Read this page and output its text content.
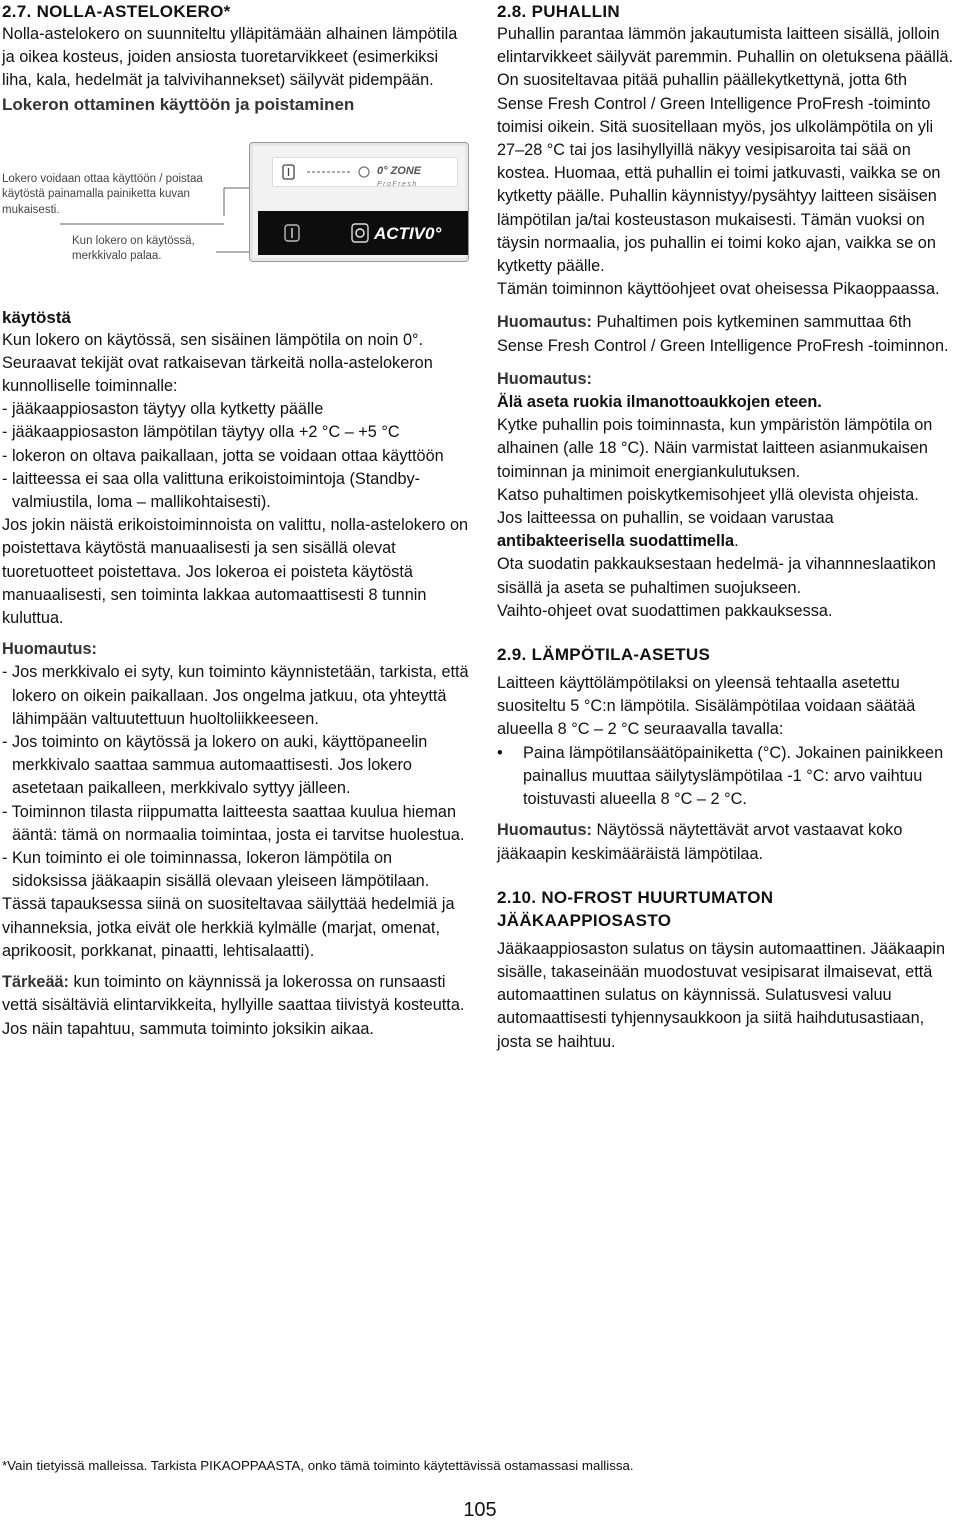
2.7. NOLLA-ASTELOKERO*

Nolla-astelokero on suunniteltu ylläpitämään alhainen lämpötila ja oikea kosteus, joiden ansiosta tuoretarvikkeet (esimerkiksi liha, kala, hedelmät ja talvivihannekset) säilyvät pidempään.

Lokeron ottaminen käyttöön ja poistaminen
Lokero voidaan ottaa käyttöön / poistaa käytöstä painamalla painiketta kuvan mukaisesti.
Kun lokero on käytössä, merkkivalo palaa.
0° ZONE
ProFresh
ACTIV0°
käytöstä

Kun lokero on käytössä, sen sisäinen lämpötila on noin 0°. Seuraavat tekijät ovat ratkaisevan tärkeitä nolla-astelokeron kunnolliselle toiminnalle:

- jääkaappiosaston täytyy olla kytketty päälle

- jääkaappiosaston lämpötilan täytyy olla +2 °C – +5 °C

- lokeron on oltava paikallaan, jotta se voidaan ottaa käyttöön

- laitteessa ei saa olla valittuna erikoistoimintoja (Standby-valmiustila, loma – mallikohtaisesti).

Jos jokin näistä erikoistoiminnoista on valittu, nolla-astelokero on poistettava käytöstä manuaalisesti ja sen sisällä olevat tuoretuotteet poistettava. Jos lokeroa ei poisteta käytöstä manuaalisesti, sen toiminta lakkaa automaattisesti 8 tunnin kuluttua.

Huomautus:

- Jos merkkivalo ei syty, kun toiminto käynnistetään, tarkista, että lokero on oikein paikallaan. Jos ongelma jatkuu, ota yhteyttä lähimpään valtuutettuun huoltoliikkeeseen.

- Jos toiminto on käytössä ja lokero on auki, käyttöpaneelin merkkivalo saattaa sammua automaattisesti. Jos lokero asetetaan paikalleen, merkkivalo syttyy jälleen.

- Toiminnon tilasta riippumatta laitteesta saattaa kuulua hieman ääntä: tämä on normaalia toimintaa, josta ei tarvitse huolestua.

- Kun toiminto ei ole toiminnassa, lokeron lämpötila on sidoksissa jääkaapin sisällä olevaan yleiseen lämpötilaan.

Tässä tapauksessa siinä on suositeltavaa säilyttää hedelmiä ja vihanneksia, jotka eivät ole herkkiä kylmälle (marjat, omenat, aprikoosit, porkkanat, pinaatti, lehtisalaatti).

Tärkeää: kun toiminto on käynnissä ja lokerossa on runsaasti vettä sisältäviä elintarvikkeita, hyllyille saattaa tiivistyä kosteutta. Jos näin tapahtuu, sammuta toiminto joksikin aikaa.

2.8. PUHALLIN

Puhallin parantaa lämmön jakautumista laitteen sisällä, jolloin elintarvikkeet säilyvät paremmin. Puhallin on oletuksena päällä. On suositeltavaa pitää puhallin päällekytkettynä, jotta 6th Sense Fresh Control / Green Intelligence ProFresh -toiminto toimisi oikein. Sitä suositellaan myös, jos ulkolämpötila on yli 27–28 °C tai jos lasihyllyillä näkyy vesipisaroita tai sää on kostea. Huomaa, että puhallin ei toimi jatkuvasti, vaikka se on kytketty päälle. Puhallin käynnistyy/pysähtyy laitteen sisäisen lämpötilan ja/tai kosteustason mukaisesti. Tämän vuoksi on täysin normaalia, jos puhallin ei toimi koko ajan, vaikka se on kytketty päälle.

Tämän toiminnon käyttöohjeet ovat oheisessa Pikaoppaassa.

Huomautus: Puhaltimen pois kytkeminen sammuttaa 6th Sense Fresh Control / Green Intelligence ProFresh -toiminnon.

Huomautus:

Älä aseta ruokia ilmanottoaukkojen eteen.

Kytke puhallin pois toiminnasta, kun ympäristön lämpötila on alhainen (alle 18 °C). Näin varmistat laitteen asianmukaisen toiminnan ja minimoit energiankulutuksen.

Katso puhaltimen poiskytkemisohjeet yllä olevista ohjeista.

Jos laitteessa on puhallin, se voidaan varustaa antibakteerisella suodattimella.

Ota suodatin pakkauksestaan hedelmä- ja vihannneslaatikon sisällä ja aseta se puhaltimen suojukseen.

Vaihto-ohjeet ovat suodattimen pakkauksessa.

2.9. LÄMPÖTILA-ASETUS

Laitteen käyttölämpötilaksi on yleensä tehtaalla asetettu suositeltu 5 °C:n lämpötila. Sisälämpötilaa voidaan säätää alueella 8 °C – 2 °C seuraavalla tavalla:

•	Paina lämpötilansäätöpainiketta (°C). Jokainen painikkeen painallus muuttaa säilytyslämpötilaa -1 °C: arvo vaihtuu toistuvasti alueella 8 °C – 2 °C.

Huomautus: Näytössä näytettävät arvot vastaavat koko jääkaapin keskimääräistä lämpötilaa.

2.10. NO-FROST HUURTUMATON
JÄÄKAAPPIOSASTO

Jääkaappiosaston sulatus on täysin automaattinen. Jääkaapin sisälle, takaseinään muodostuvat vesipisarat ilmaisevat, että automaattinen sulatus on käynnissä. Sulatusvesi valuu automaattisesti tyhjennysaukkoon ja siitä haihdutusastiaan, josta se haihtuu.

*Vain tietyissä malleissa. Tarkista PIKAOPPAASTA, onko tämä toiminto käytettävissä ostamassasi mallissa.
105
